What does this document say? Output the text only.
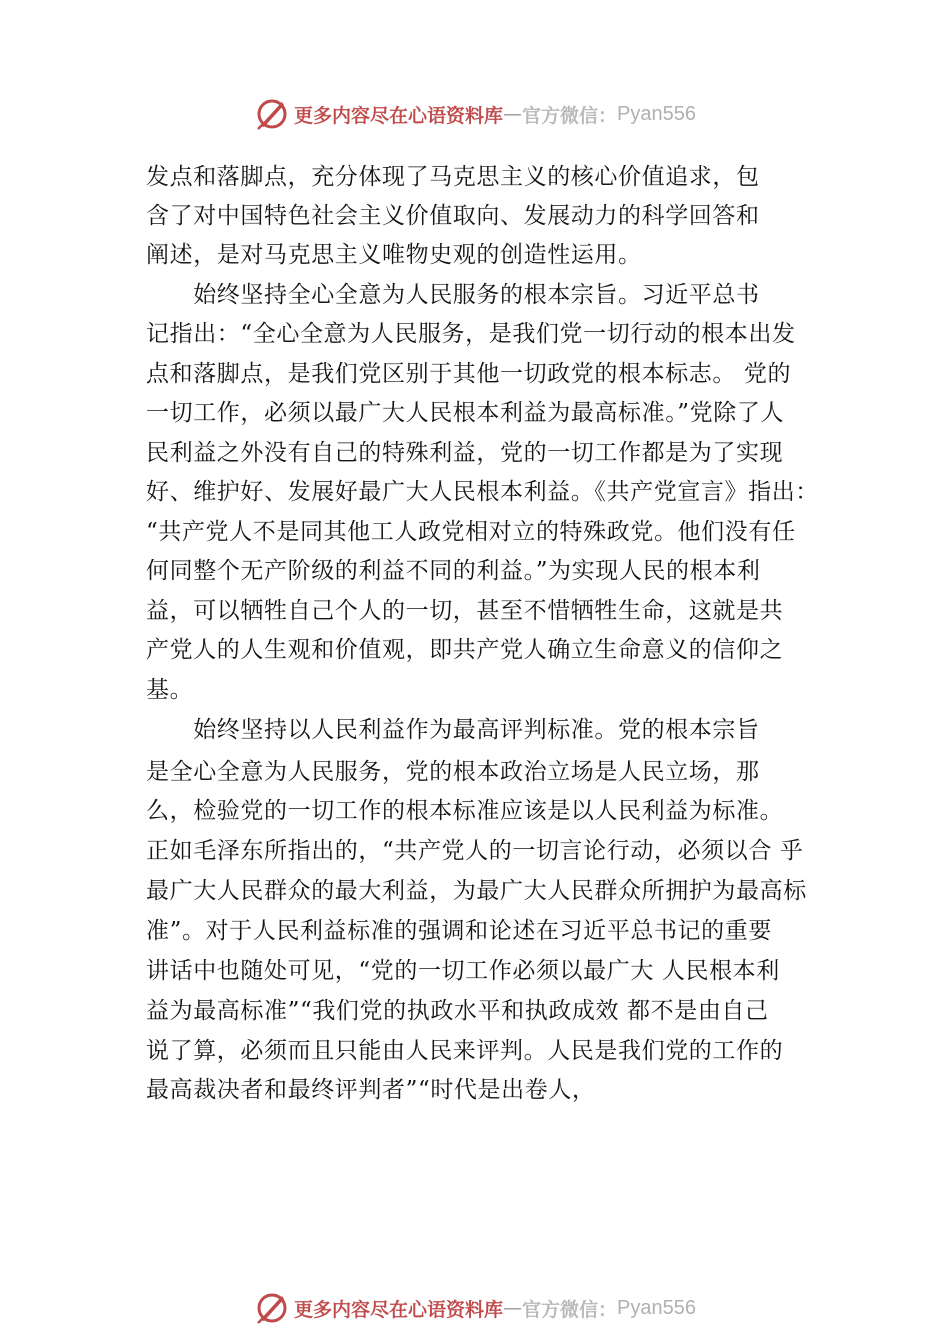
更多内容尽在心语资料库 — 官方微信： Pyan556
发点和落脚点，充分体现了马克思主义的核心价值追求，包
含了对中国特色社会主义价值取向、发展动力的科学回答和
阐述，是对马克思主义唯物史观的创造性运用。
　　始终坚持全心全意为人民服务的根本宗旨。习近平总书
记指出：“全心全意为人民服务，是我们党一切行动的根本出发
点和落脚点，是我们党区别于其他一切政党的根本标志。 党的
一切工作，必须以最广大人民根本利益为最高标准。”党除了人
民利益之外没有自己的特殊利益，党的一切工作都是为了实现
好、维护好、发展好最广大人民根本利益。《共产党宣言》指出：
“共产党人不是同其他工人政党相对立的特殊政党。他们没有任
何同整个无产阶级的利益不同的利益。”为实现人民的根本利
益，可以牺牲自己个人的一切，甚至不惜牺牲生命，这就是共
产党人的人生观和价值观，即共产党人确立生命意义的信仰之
基。
　　始终坚持以人民利益作为最高评判标准。党的根本宗旨
是全心全意为人民服务，党的根本政治立场是人民立场，那
么，检验党的一切工作的根本标准应该是以人民利益为标准。
正如毛泽东所指出的，“共产党人的一切言论行动，必须以合 乎
最广大人民群众的最大利益，为最广大人民群众所拥护为最高标
准”。对于人民利益标准的强调和论述在习近平总书记的重要
讲话中也随处可见，“党的一切工作必须以最广大 人民根本利
益为最高标准”“我们党的执政水平和执政成效 都不是由自己
说了算，必须而且只能由人民来评判。人民是我们党的工作的
最高裁决者和最终评判者”“时代是出卷人，
更多内容尽在心语资料库 — 官方微信： Pyan556
